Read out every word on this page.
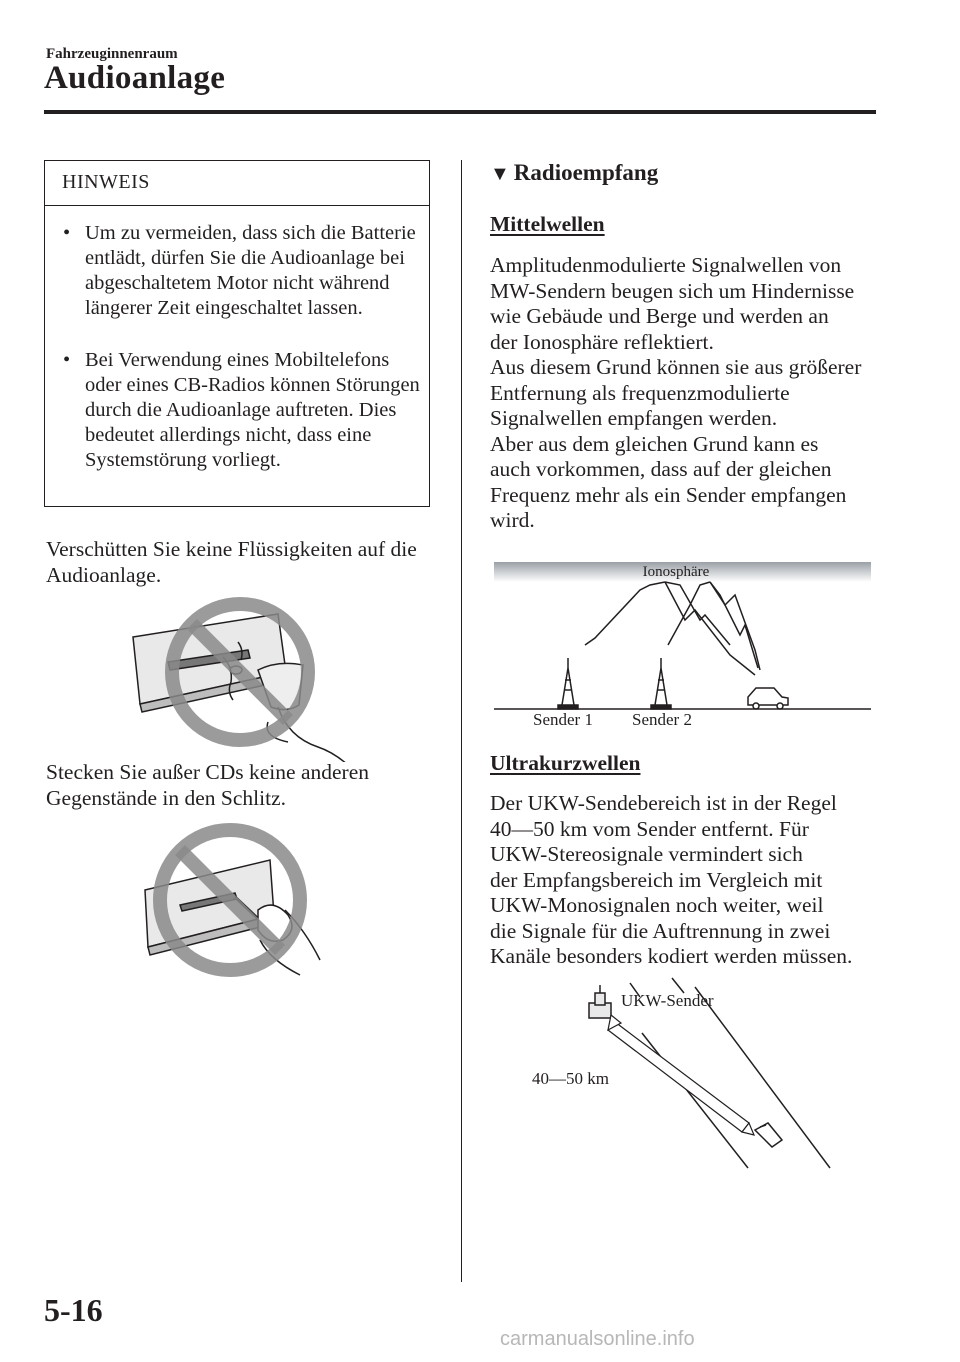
Fahrzeuginnenraum
Audioanlage
HINWEIS
• Um zu vermeiden, dass sich die Batterie entlädt, dürfen Sie die Audioanlage bei abgeschaltetem Motor nicht während längerer Zeit eingeschaltet lassen.
• Bei Verwendung eines Mobiltelefons oder eines CB-Radios können Störungen durch die Audioanlage auftreten. Dies bedeutet allerdings nicht, dass eine Systemstörung vorliegt.
Verschütten Sie keine Flüssigkeiten auf die Audioanlage.
Stecken Sie außer CDs keine anderen Gegenstände in den Schlitz.
▼ Radioempfang
Mittelwellen
Amplitudenmodulierte Signalwellen von
MW-Sendern beugen sich um Hindernisse
wie Gebäude und Berge und werden an
der Ionosphäre reflektiert.
Aus diesem Grund können sie aus größerer
Entfernung als frequenzmodulierte
Signalwellen empfangen werden.
Aber aus dem gleichen Grund kann es
auch vorkommen, dass auf der gleichen
Frequenz mehr als ein Sender empfangen
wird.
Ionosphäre
Sender 1 Sender 2
Ultrakurzwellen
Der UKW-Sendebereich ist in der Regel
40—50 km vom Sender entfernt. Für
UKW-Stereosignale vermindert sich
der Empfangsbereich im Vergleich mit
UKW-Monosignalen noch weiter, weil
die Signale für die Auftrennung in zwei
Kanäle besonders kodiert werden müssen.
UKW-Sender
40—50 km
5-16
carmanualsonline.info
